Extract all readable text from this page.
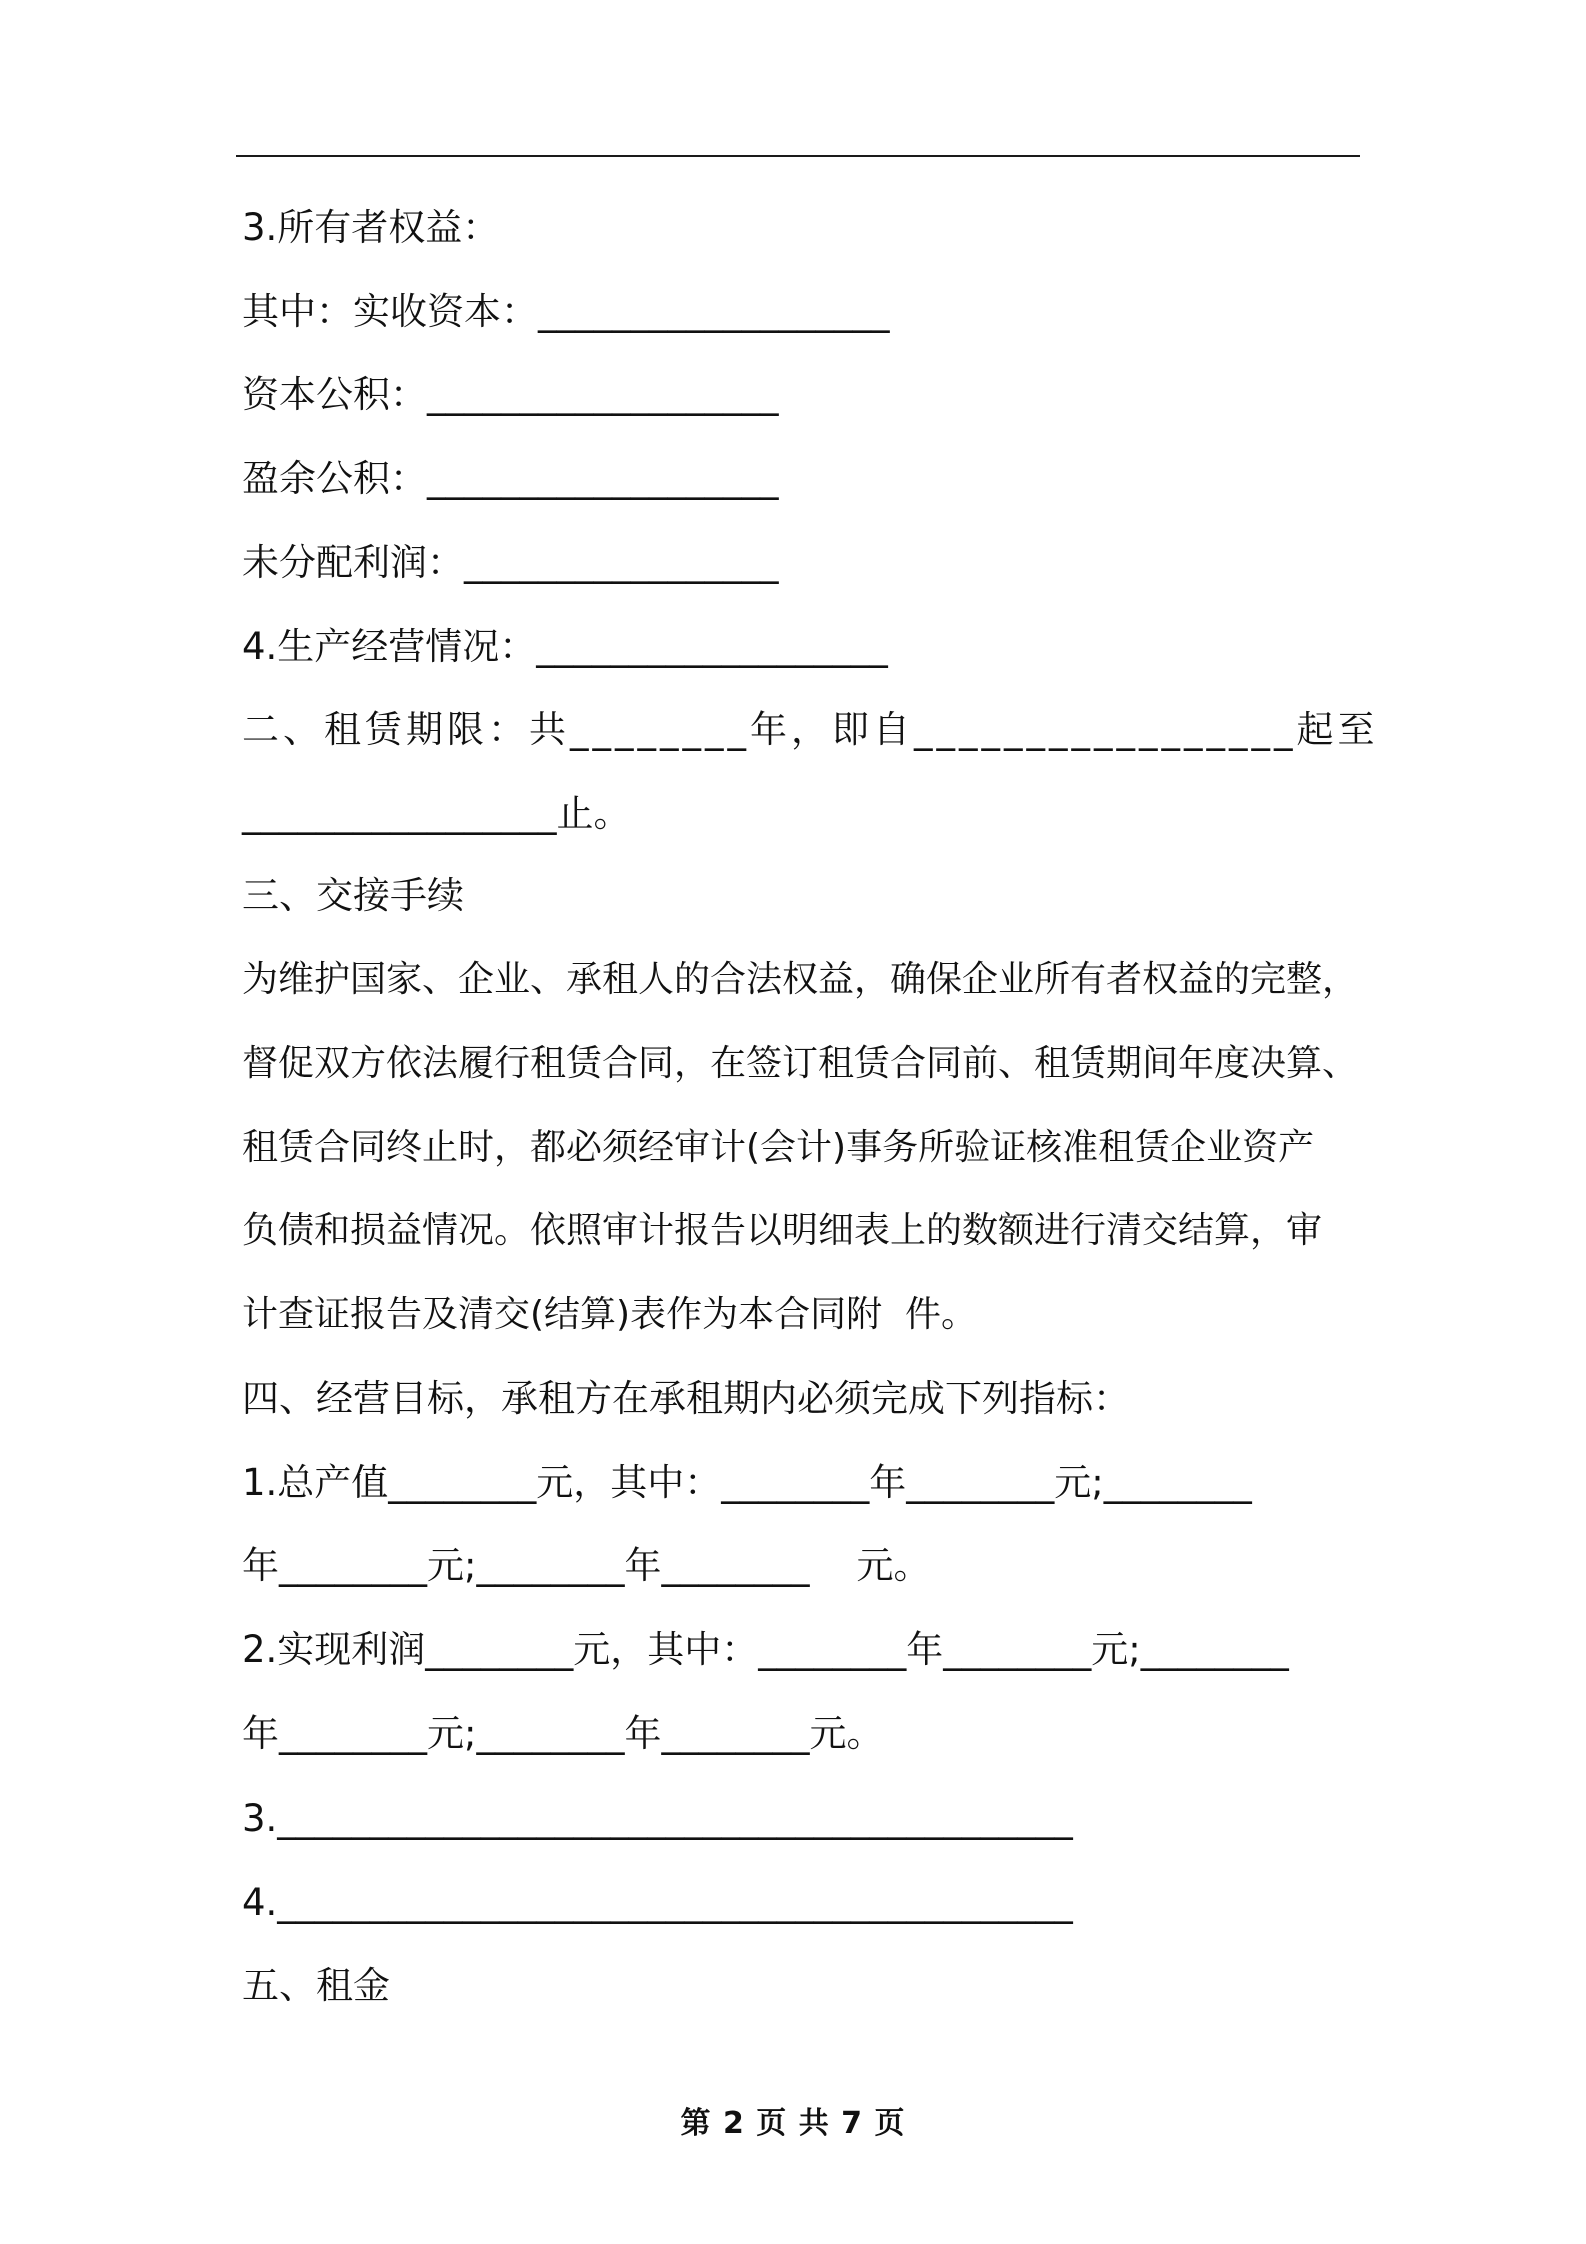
3.所有者权益：
其中：实收资本：___________________
资本公积：___________________
盈余公积：___________________
未分配利润：_________________
4.生产经营情况：___________________
二、租赁期限：共________年，即自_________________起至
_________________止。
三、交接手续
为维护国家、企业、承租人的合法权益，确保企业所有者权益的完整，
督促双方依法履行租赁合同，在签订租赁合同前、租赁期间年度决算、
租赁合同终止时，都必须经审计(会计)事务所验证核准租赁企业资产
负债和损益情况。依照审计报告以明细表上的数额进行清交结算，审
计查证报告及清交(结算)表作为本合同附  件。
四、经营目标，承租方在承租期内必须完成下列指标：
1.总产值________元，其中：________年________元;________
年________元;________年________    元。
2.实现利润________元，其中：________年________元;________
年________元;________年________元。
3.___________________________________________
4.___________________________________________
五、租金
第 2 页 共 7 页
